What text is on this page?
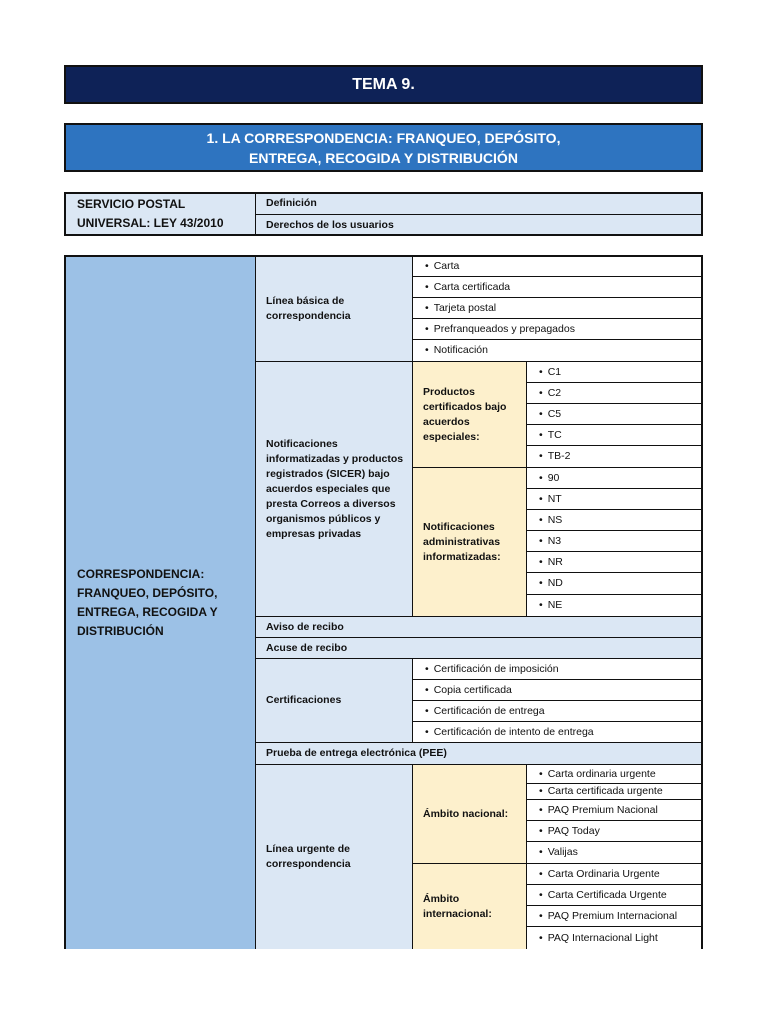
TEMA 9.
1. LA CORRESPONDENCIA: FRANQUEO, DEPÓSITO,
ENTREGA, RECOGIDA Y DISTRIBUCIÓN
SERVICIO POSTAL
UNIVERSAL: LEY 43/2010
Definición
Derechos de los usuarios
CORRESPONDENCIA: FRANQUEO, DEPÓSITO, ENTREGA, RECOGIDA Y DISTRIBUCIÓN
Línea básica de correspondencia
• Carta
• Carta certificada
• Tarjeta postal
• Prefranqueados y prepagados
• Notificación
Notificaciones informatizadas y productos registrados (SICER) bajo acuerdos especiales que presta Correos a diversos organismos públicos y empresas privadas
Productos certificados bajo acuerdos especiales:
• C1
• C2
• C5
• TC
• TB-2
Notificaciones administrativas informatizadas:
• 90
• NT
• NS
• N3
• NR
• ND
• NE
Aviso de recibo
Acuse de recibo
Certificaciones
• Certificación de imposición
• Copia certificada
• Certificación de entrega
• Certificación de intento de entrega
Prueba de entrega electrónica (PEE)
Línea urgente de correspondencia
Ámbito nacional:
• Carta ordinaria urgente
• Carta certificada urgente
• PAQ Premium Nacional
• PAQ Today
• Valijas
Ámbito internacional:
• Carta Ordinaria Urgente
• Carta Certificada Urgente
• PAQ Premium Internacional
• PAQ Internacional Light
